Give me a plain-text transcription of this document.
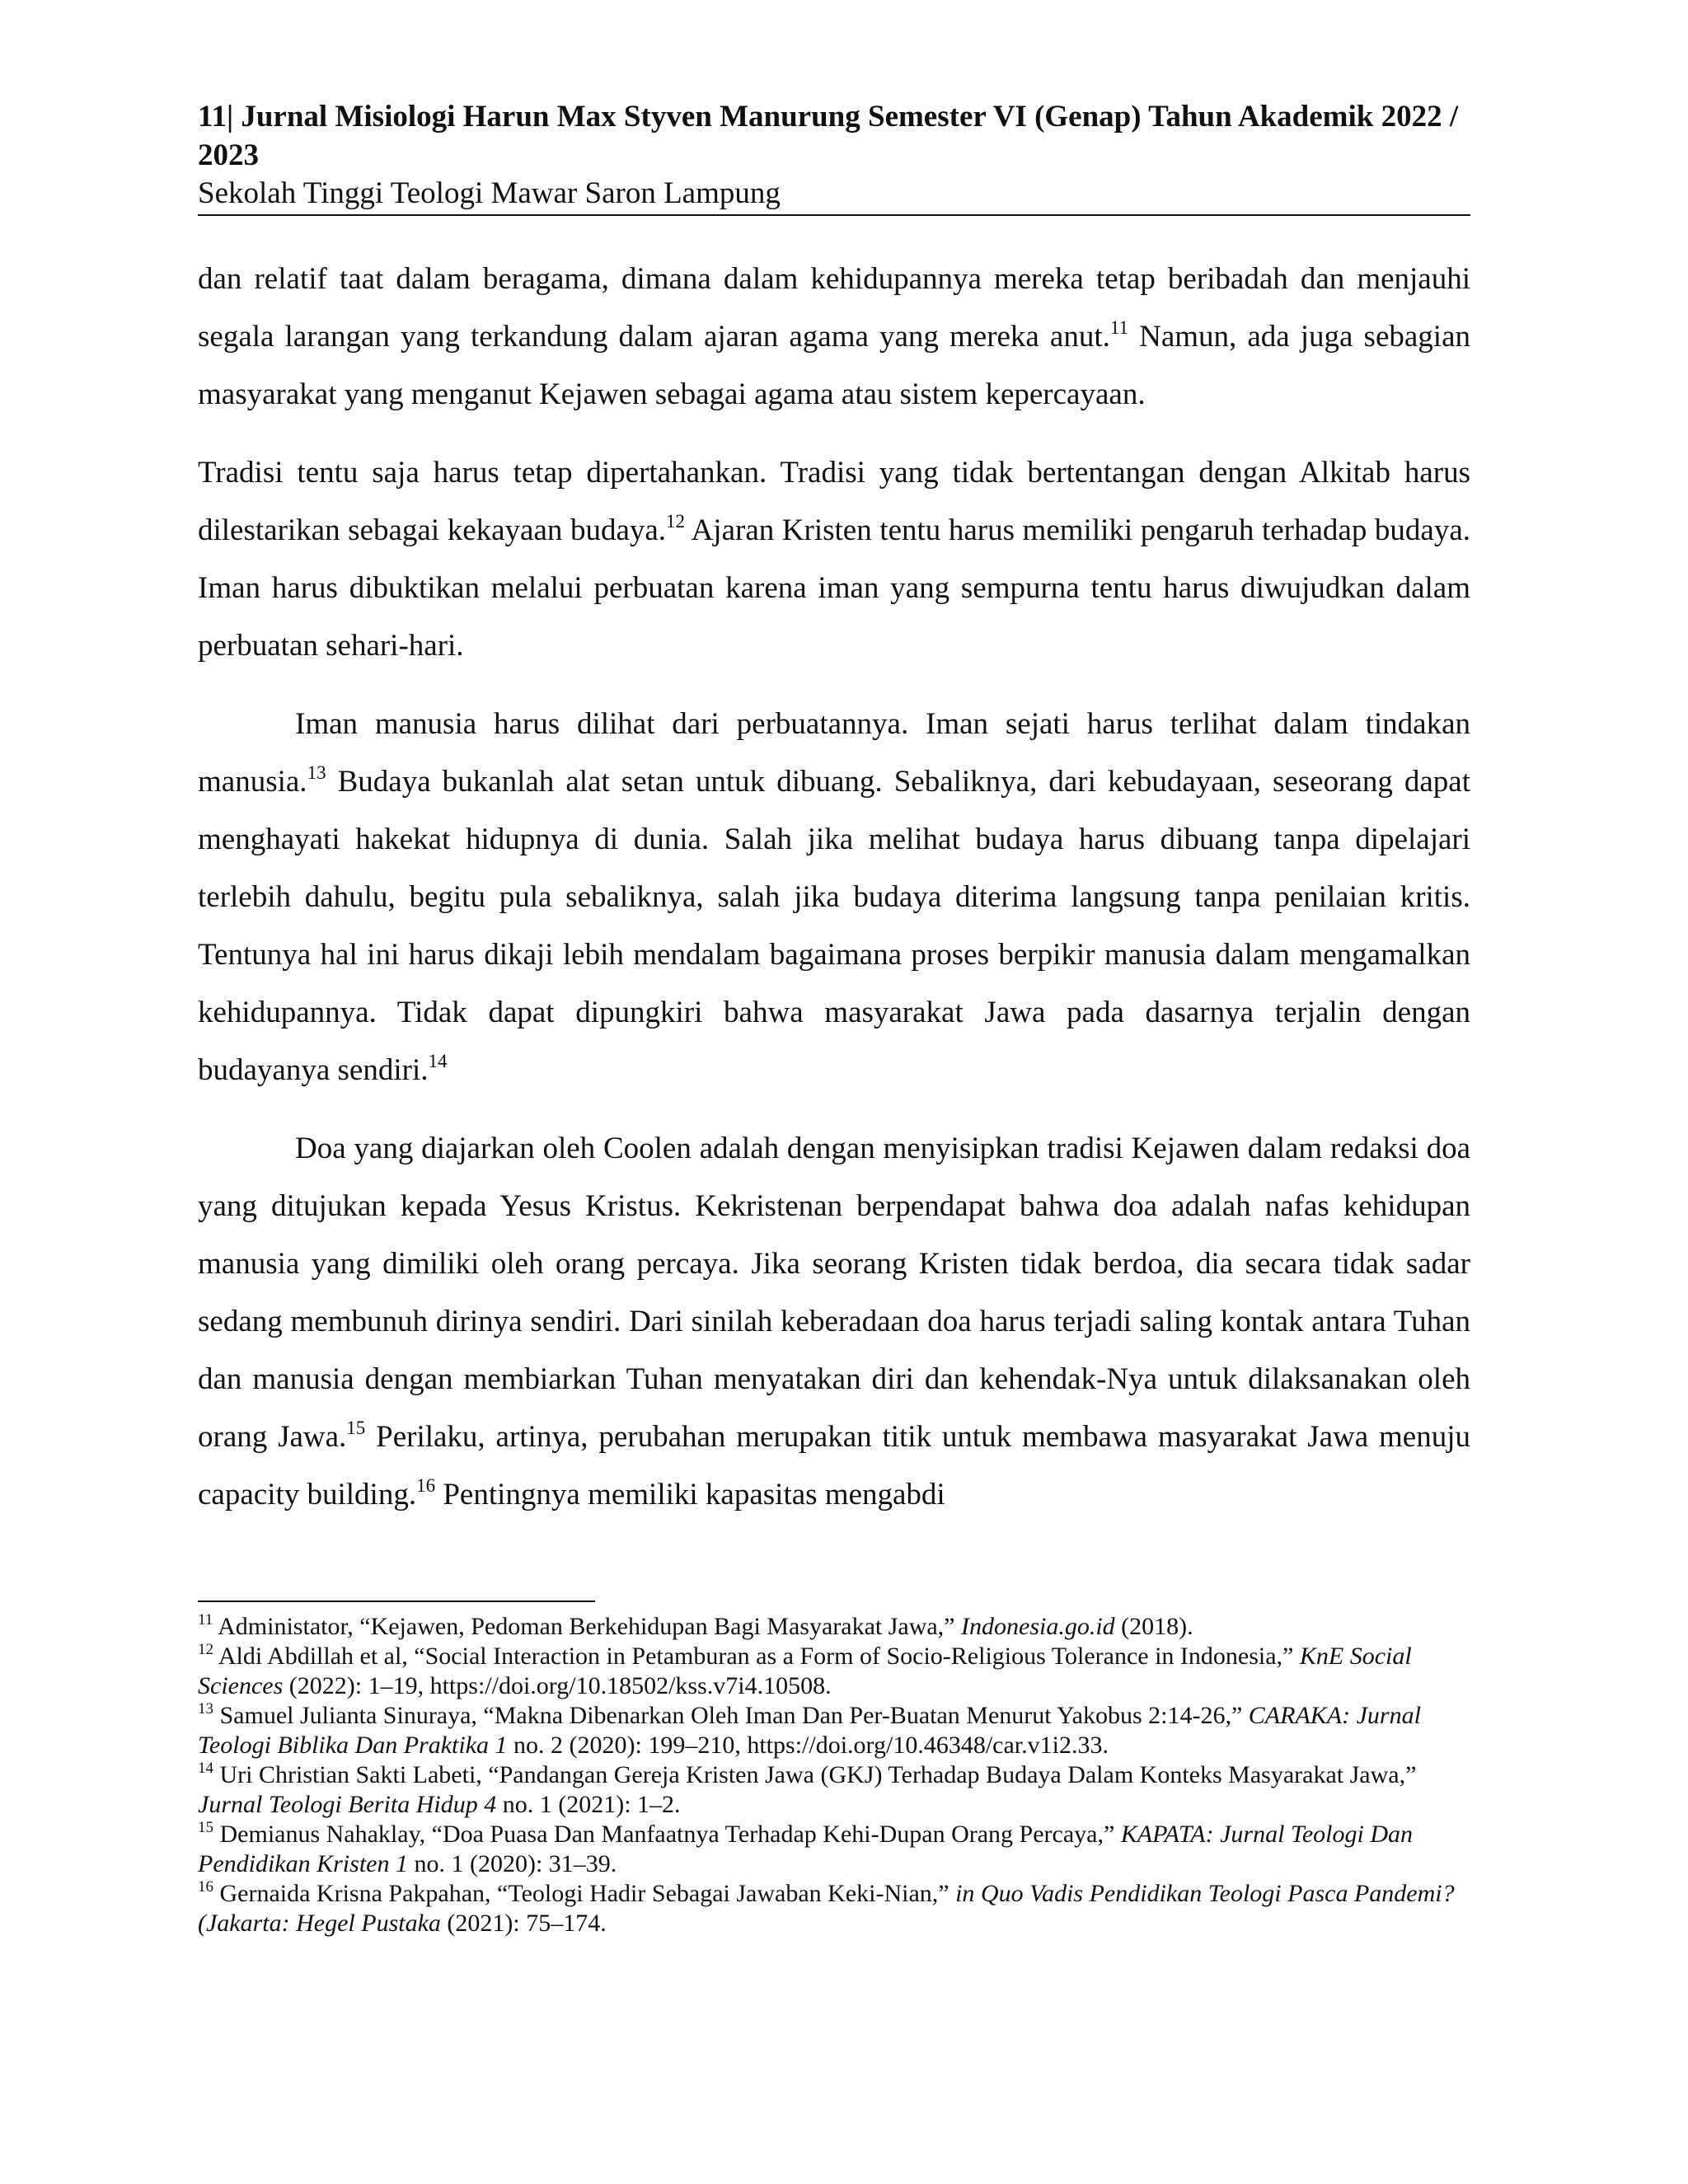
11| Jurnal Misiologi Harun Max Styven Manurung Semester VI (Genap) Tahun Akademik 2022 / 2023
Sekolah Tinggi Teologi Mawar Saron Lampung

dan relatif taat dalam beragama, dimana dalam kehidupannya mereka tetap beribadah dan menjauhi segala larangan yang terkandung dalam ajaran agama yang mereka anut.$^{11}$ Namun, ada juga sebagian masyarakat yang menganut Kejawen sebagai agama atau sistem kepercayaan.

Tradisi tentu saja harus tetap dipertahankan. Tradisi yang tidak bertentangan dengan Alkitab harus dilestarikan sebagai kekayaan budaya.$^{12}$ Ajaran Kristen tentu harus memiliki pengaruh terhadap budaya. Iman harus dibuktikan melalui perbuatan karena iman yang sempurna tentu harus diwujudkan dalam perbuatan sehari-hari.

Iman manusia harus dilihat dari perbuatannya. Iman sejati harus terlihat dalam tindakan manusia.$^{13}$ Budaya bukanlah alat setan untuk dibuang. Sebaliknya, dari kebudayaan, seseorang dapat menghayati hakekat hidupnya di dunia. Salah jika melihat budaya harus dibuang tanpa dipelajari terlebih dahulu, begitu pula sebaliknya, salah jika budaya diterima langsung tanpa penilaian kritis. Tentunya hal ini harus dikaji lebih mendalam bagaimana proses berpikir manusia dalam mengamalkan kehidupannya. Tidak dapat dipungkiri bahwa masyarakat Jawa pada dasarnya terjalin dengan budayanya sendiri.$^{14}$

Doa yang diajarkan oleh Coolen adalah dengan menyisipkan tradisi Kejawen dalam redaksi doa yang ditujukan kepada Yesus Kristus. Kekristenan berpendapat bahwa doa adalah nafas kehidupan manusia yang dimiliki oleh orang percaya. Jika seorang Kristen tidak berdoa, dia secara tidak sadar sedang membunuh dirinya sendiri. Dari sinilah keberadaan doa harus terjadi saling kontak antara Tuhan dan manusia dengan membiarkan Tuhan menyatakan diri dan kehendak-Nya untuk dilaksanakan oleh orang Jawa.$^{15}$ Perilaku, artinya, perubahan merupakan titik untuk membawa masyarakat Jawa menuju capacity building.$^{16}$ Pentingnya memiliki kapasitas mengabdi

$^{11}$ Administator, “Kejawen, Pedoman Berkehidupan Bagi Masyarakat Jawa,” Indonesia.go.id (2018).

$^{12}$ Aldi Abdillah et al, “Social Interaction in Petamburan as a Form of Socio-Religious Tolerance in Indonesia,” KnE Social Sciences (2022): 1–19, https://doi.org/10.18502/kss.v7i4.10508.

$^{13}$ Samuel Julianta Sinuraya, “Makna Dibenarkan Oleh Iman Dan Per-Buatan Menurut Yakobus 2:14-26,” CARAKA: Jurnal Teologi Biblika Dan Praktika 1 no. 2 (2020): 199–210, https://doi.org/10.46348/car.v1i2.33.

$^{14}$ Uri Christian Sakti Labeti, “Pandangan Gereja Kristen Jawa (GKJ) Terhadap Budaya Dalam Konteks Masyarakat Jawa,” Jurnal Teologi Berita Hidup 4 no. 1 (2021): 1–2.

$^{15}$ Demianus Nahaklay, “Doa Puasa Dan Manfaatnya Terhadap Kehi-Dupan Orang Percaya,” KAPATA: Jurnal Teologi Dan Pendidikan Kristen 1 no. 1 (2020): 31–39.

$^{16}$ Gernaida Krisna Pakpahan, “Teologi Hadir Sebagai Jawaban Keki-Nian,” in Quo Vadis Pendidikan Teologi Pasca Pandemi? (Jakarta: Hegel Pustaka (2021): 75–174.
